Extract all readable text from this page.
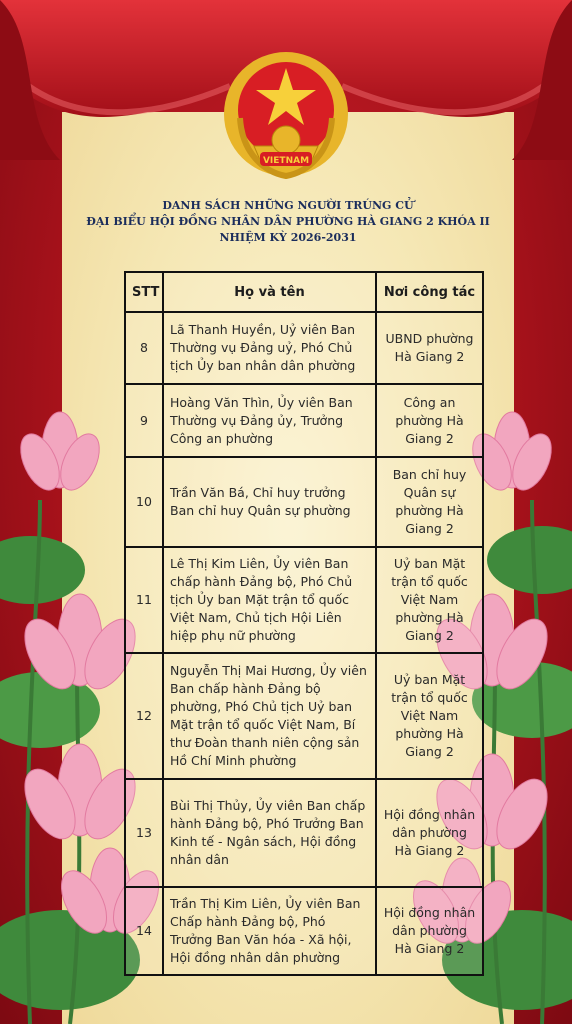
VIETNAM
DANH SÁCH NHỮNG NGƯỜI TRÚNG CỬ
ĐẠI BIỂU HỘI ĐỒNG NHÂN DÂN PHƯỜNG HÀ GIANG 2 KHÓA II
NHIỆM KỲ 2026-2031
STT	Họ và tên	Nơi công tác
8	Lã Thanh Huyền, Uỷ viên Ban Thường vụ Đảng uỷ, Phó Chủ tịch Ủy ban nhân dân phường	UBND phường Hà Giang 2
9	Hoàng Văn Thìn, Ủy viên Ban Thường vụ Đảng ủy, Trưởng Công an phường	Công an phường Hà Giang 2
10	Trần Văn Bá, Chỉ huy trưởng Ban chỉ huy Quân sự phường	Ban chỉ huy Quân sự phường Hà Giang 2
11	Lê Thị Kim Liên, Ủy viên Ban chấp hành Đảng bộ, Phó Chủ tịch Ủy ban Mặt trận tổ quốc Việt Nam, Chủ tịch Hội Liên hiệp phụ nữ phường	Uỷ ban Mặt trận tổ quốc Việt Nam phường Hà Giang 2
12	Nguyễn Thị Mai Hương, Ủy viên Ban chấp hành Đảng bộ phường, Phó Chủ tịch Uỷ ban Mặt trận tổ quốc Việt Nam, Bí thư Đoàn thanh niên cộng sản Hồ Chí Minh phường	Uỷ ban Mặt trận tổ quốc Việt Nam phường Hà Giang 2
13	Bùi Thị Thủy, Ủy viên Ban chấp hành Đảng bộ, Phó Trưởng Ban Kinh tế - Ngân sách, Hội đồng nhân dân	Hội đồng nhân dân phường Hà Giang 2
14	Trần Thị Kim Liên, Ủy viên Ban Chấp hành Đảng bộ, Phó Trưởng Ban Văn hóa - Xã hội, Hội đồng nhân dân phường	Hội đồng nhân dân phường Hà Giang 2
